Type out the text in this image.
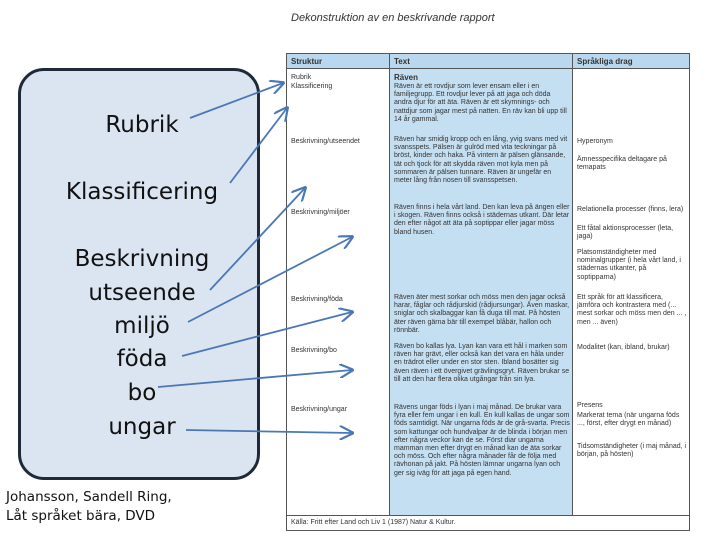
Rubrik
Klassificering
Beskrivning
utseende
miljö
föda
bo
ungar
Johansson, Sandell Ring,
Låt språket bära, DVD
Dekonstruktion av en beskrivande rapport
Struktur	Text	Språkliga drag
Rubrik
Klassificering
Beskrivning/utseendet
Beskrivning/miljöer
Beskrivning/föda
Beskrivning/bo
Beskrivning/ungar
Räven
Räven är ett rovdjur som lever ensam eller i en familjegrupp. Ett rovdjur lever på att jaga och döda andra djur för att äta. Räven är ett skymnings- och nattdjur som jagar mest på natten. En räv kan bli upp till 14 år gammal.
Räven har smidig kropp och en lång, yvig svans med vit svansspets. Pälsen är gulröd med vita teckningar på bröst, kinder och haka. På vintern är pälsen glänsande, tät och tjock för att skydda räven mot kyla men på sommaren är pälsen tunnare. Räven är ungefär en meter lång från nosen till svansspetsen.
Räven finns i hela vårt land. Den kan leva på ängen eller i skogen. Räven finns också i städernas utkant. Där letar den efter något att äta på soptippar eller jagar möss bland husen.
Räven äter mest sorkar och möss men den jagar också harar, fåglar och rådjurskid (rådjursungar). Även maskar, sniglar och skalbaggar kan få duga till mat. På hösten äter räven gärna bär till exempel blåbär, hallon och rönnbär.
Räven bo kallas lya. Lyan kan vara ett hål i marken som räven har grävt, eller också kan det vara en håla under en trädrot eller under en stor sten. Ibland bosätter sig även räven i ett övergivet grävlingsgryt. Räven brukar se till att den har flera olika utgångar från sin lya.
Rävens ungar föds i lyan i maj månad. De brukar vara fyra eller fem ungar i en kull. En kull kallas de ungar som föds samtidigt. När ungarna föds är de grå-svarta. Precis som kattungar och hundvalpar är de blinda i början men efter några veckor kan de se. Först diar ungarna mamman men efter drygt en månad kan de äta sorkar och möss. Och efter några månader får de följa med rävhonan på jakt. På hösten lämnar ungarna lyan och ger sig iväg för att jaga på egen hand.
Hyperonym
Ämnesspecifika deltagare på temapats
Relationella processer (finns, lera)
Ett fåtal aktionsprocesser (leta, jaga)
Platsomständigheter med nominalgrupper (i hela vårt land, i städernas utkanter, på soptipparna)
Ett språk för att klassificera, jämföra och kontrastera med (... mest sorkar och möss men den ... , men ... även)
Modalitet (kan, ibland, brukar)
Presens
Markerat tema (när ungarna föds ..., först, efter drygt en månad)
Tidsomständigheter (i maj månad, i början, på hösten)
Källa: Fritt efter Land och Liv 1 (1987) Natur & Kultur.
